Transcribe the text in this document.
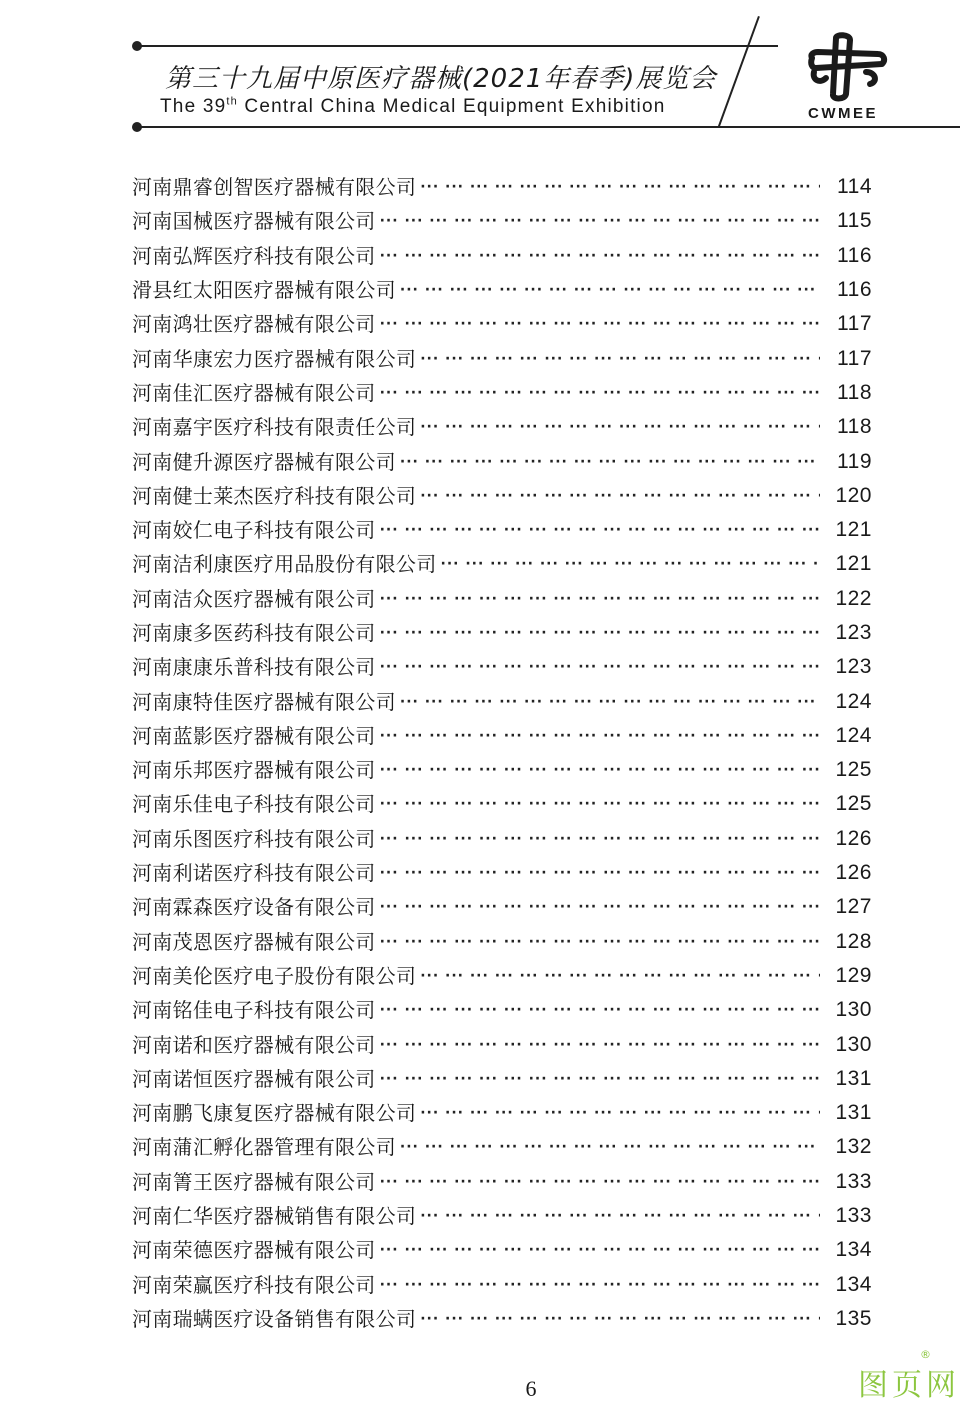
第三十九届中原医疗器械(2021年春季)展览会
The 39th Central China Medical Equipment Exhibition	CWMEE
河南鼎睿创智医疗器械有限公司 ··· ·	114
河南国械医疗器械有限公司 ··· ·	115
河南弘辉医疗科技有限公司 ··· ·	116
滑县红太阳医疗器械有限公司 ··· ·	116
河南鸿壮医疗器械有限公司 ··· ·	117
河南华康宏力医疗器械有限公司 ··· ·	117
河南佳汇医疗器械有限公司 ··· ·	118
河南嘉宇医疗科技有限责任公司 ··· ·	118
河南健升源医疗器械有限公司 ··· ·	119
河南健士莱杰医疗科技有限公司 ··· ·	120
河南姣仁电子科技有限公司 ··· ·	121
河南洁利康医疗用品股份有限公司 ··· ·	121
河南洁众医疗器械有限公司 ··· ·	122
河南康多医药科技有限公司 ··· ·	123
河南康康乐普科技有限公司 ··· ·	123
河南康特佳医疗器械有限公司 ··· ·	124
河南蓝影医疗器械有限公司 ··· ·	124
河南乐邦医疗器械有限公司 ··· ·	125
河南乐佳电子科技有限公司 ··· ·	125
河南乐图医疗科技有限公司 ··· ·	126
河南利诺医疗科技有限公司 ··· ·	126
河南霖森医疗设备有限公司 ··· ·	127
河南茂恩医疗器械有限公司 ··· ·	128
河南美伦医疗电子股份有限公司 ··· ·	129
河南铭佳电子科技有限公司 ··· ·	130
河南诺和医疗器械有限公司 ··· ·	130
河南诺恒医疗器械有限公司 ··· ·	131
河南鹏飞康复医疗器械有限公司 ··· ·	131
河南蒲汇孵化器管理有限公司 ··· ·	132
河南箐王医疗器械有限公司 ··· ·	133
河南仁华医疗器械销售有限公司 ··· ·	133
河南荣德医疗器械有限公司 ··· ·	134
河南荣赢医疗科技有限公司 ··· ·	134
河南瑞螨医疗设备销售有限公司 ··· ·	135
6	图页网
®
